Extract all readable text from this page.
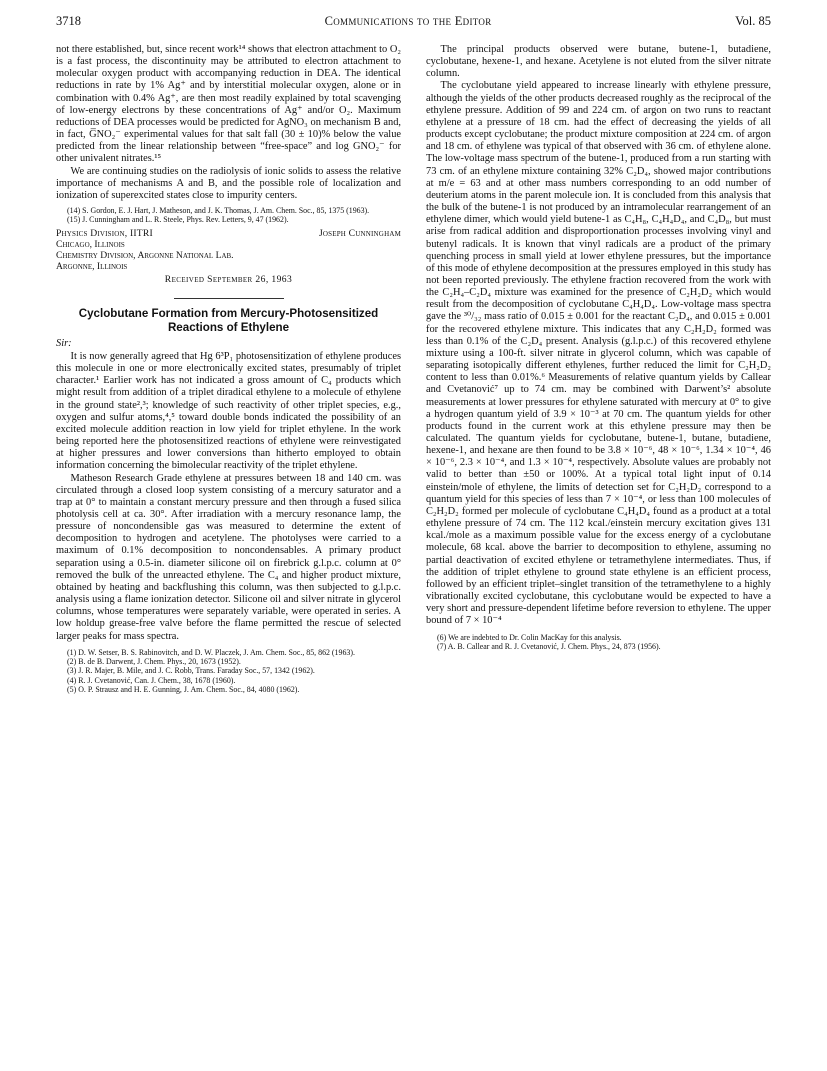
3718	Communications to the Editor	Vol. 85

not there established, but, since recent work¹⁴ shows that electron attachment to O₂ is a fast process, the discontinuity may be attributed to electron attachment to molecular oxygen product with accompanying reduction in DEA. The identical reductions in rate by 1% Ag⁺ and by interstitial molecular oxygen, alone or in combination with 0.4% Ag⁺, are then most readily explained by total scavenging of low-energy electrons by these concentrations of Ag⁺ and/or O₂. Maximum reductions of DEA processes would be predicted for AgNO₃ on mechanism B and, in fact, G̅NO₂⁻ experimental values for that salt fall (30 ± 10)% below the value predicted from the linear relationship between “free-space” and log GNO₂⁻ for other univalent nitrates.¹⁵

We are continuing studies on the radiolysis of ionic solids to assess the relative importance of mechanisms A and B, and the possible role of localization and ionization of superexcited states close to impurity centers.

(14) S. Gordon, E. J. Hart, J. Matheson, and J. K. Thomas, J. Am. Chem. Soc., 85, 1375 (1963).

(15) J. Cunningham and L. R. Steele, Phys. Rev. Letters, 9, 47 (1962).

Physics Division, IITRI	Joseph Cunningham
Chicago, Illinois
Chemistry Division, Argonne National Lab.
Argonne, Illinois
Received September 26, 1963
Cyclobutane Formation from Mercury-Photosensitized
Reactions of Ethylene

Sir:

It is now generally agreed that Hg 6³P₁ photosensitization of ethylene produces this molecule in one or more electronically excited states, presumably of triplet character.¹ Earlier work has not indicated a gross amount of C₄ products which might result from addition of a triplet diradical ethylene to a molecule of ethylene in the ground state²,³; knowledge of such reactivity of other triplet species, e.g., oxygen and sulfur atoms,⁴,⁵ toward double bonds indicated the possibility of an excited molecule addition reaction in low yield for triplet ethylene. In the work being reported here the photosensitized reactions of ethylene were reinvestigated at higher pressures and lower conversions than hitherto employed to obtain information concerning the bimolecular reactivity of the triplet ethylene.

Matheson Research Grade ethylene at pressures between 18 and 140 cm. was circulated through a closed loop system consisting of a mercury saturator and a trap at 0° to maintain a constant mercury pressure and then through a fused silica photolysis cell at ca. 30°. After irradiation with a mercury resonance lamp, the pressure of noncondensible gas was measured to determine the extent of decomposition to hydrogen and acetylene. The photolyses were carried to a maximum of 0.1% decomposition to noncondensables. A primary product separation using a 0.5-in. diameter silicone oil on firebrick g.l.p.c. column at 0° removed the bulk of the unreacted ethylene. The C₄ and higher product mixture, obtained by heating and backflushing this column, was then subjected to g.l.p.c. analysis using a flame ionization detector. Silicone oil and silver nitrate in glycerol columns, whose temperatures were separately variable, were operated in series. A low holdup grease-free valve before the flame permitted the rescue of selected larger peaks for mass spectra.

(1) D. W. Setser, B. S. Rabinovitch, and D. W. Placzek, J. Am. Chem. Soc., 85, 862 (1963).

(2) B. de B. Darwent, J. Chem. Phys., 20, 1673 (1952).

(3) J. R. Majer, B. Mile, and J. C. Robb, Trans. Faraday Soc., 57, 1342 (1962).

(4) R. J. Cvetanović, Can. J. Chem., 38, 1678 (1960).

(5) O. P. Strausz and H. E. Gunning, J. Am. Chem. Soc., 84, 4080 (1962).

The principal products observed were butane, butene-1, butadiene, cyclobutane, hexene-1, and hexane. Acetylene is not eluted from the silver nitrate column.

The cyclobutane yield appeared to increase linearly with ethylene pressure, although the yields of the other products decreased roughly as the reciprocal of the ethylene pressure. Addition of 99 and 224 cm. of argon on two runs to reactant ethylene at a pressure of 18 cm. had the effect of decreasing the yields of all products except cyclobutane; the product mixture composition at 224 cm. of argon and 18 cm. of ethylene was typical of that observed with 36 cm. of ethylene alone. The low-voltage mass spectrum of the butene-1, produced from a run starting with 73 cm. of an ethylene mixture containing 32% C₂D₄, showed major contributions at m/e = 63 and at other mass numbers corresponding to an odd number of deuterium atoms in the parent molecule ion. It is concluded from this analysis that the bulk of the butene-1 is not produced by an intramolecular rearrangement of an ethylene dimer, which would yield butene-1 as C₄H₈, C₄H₄D₄, and C₄D₈, but must arise from radical addition and disproportionation processes involving vinyl and butenyl radicals. It is known that vinyl radicals are a product of the primary quenching process in small yield at lower ethylene pressures, but the importance of this mode of ethylene decomposition at the pressures employed in this study has not been reported previously. The ethylene fraction recovered from the work with the C₂H₄–C₂D₄ mixture was examined for the presence of C₂H₂D₂ which would result from the decomposition of cyclobutane C₄H₄D₄. Low-voltage mass spectra gave the ³⁰/₃₂ mass ratio of 0.015 ± 0.001 for the reactant C₂D₄, and 0.015 ± 0.001 for the recovered ethylene mixture. This indicates that any C₂H₂D₂ formed was less than 0.1% of the C₂D₄ present. Analysis (g.l.p.c.) of this recovered ethylene mixture using a 100-ft. silver nitrate in glycerol column, which was capable of separating isotopically different ethylenes, further reduced the limit for C₂H₂D₂ content to less than 0.01%.⁶ Measurements of relative quantum yields by Callear and Cvetanović⁷ up to 74 cm. may be combined with Darwent’s² absolute measurements at lower pressures for ethylene saturated with mercury at 0° to give a hydrogen quantum yield of 3.9 × 10⁻³ at 70 cm. The quantum yields for other products found in the current work at this ethylene pressure may then be calculated. The quantum yields for cyclobutane, butene-1, butane, butadiene, hexene-1, and hexane are then found to be 3.8 × 10⁻⁶, 48 × 10⁻⁶, 1.34 × 10⁻⁴, 46 × 10⁻⁶, 2.3 × 10⁻⁴, and 1.3 × 10⁻⁴, respectively. Absolute values are probably not valid to better than ±50 or 100%. At a typical total light input of 0.14 einstein/mole of ethylene, the limits of detection set for C₂H₂D₂ correspond to a quantum yield for this species of less than 7 × 10⁻⁴, or less than 100 molecules of C₂H₂D₂ formed per molecule of cyclobutane C₄H₄D₄ found as a product at a total ethylene pressure of 74 cm. The 112 kcal./einstein mercury excitation gives 131 kcal./mole as a maximum possible value for the excess energy of a cyclobutane molecule, 68 kcal. above the barrier to decomposition to ethylene, assuming no partial deactivation of excited ethylene or tetramethylene intermediates. Thus, if the addition of triplet ethylene to ground state ethylene is an efficient process, followed by an efficient triplet–singlet transition of the tetramethylene to a highly vibrationally excited cyclobutane, this cyclobutane would be expected to have a very short and pressure-dependent lifetime before reversion to ethylene. The upper bound of 7 × 10⁻⁴

(6) We are indebted to Dr. Colin MacKay for this analysis.

(7) A. B. Callear and R. J. Cvetanović, J. Chem. Phys., 24, 873 (1956).
